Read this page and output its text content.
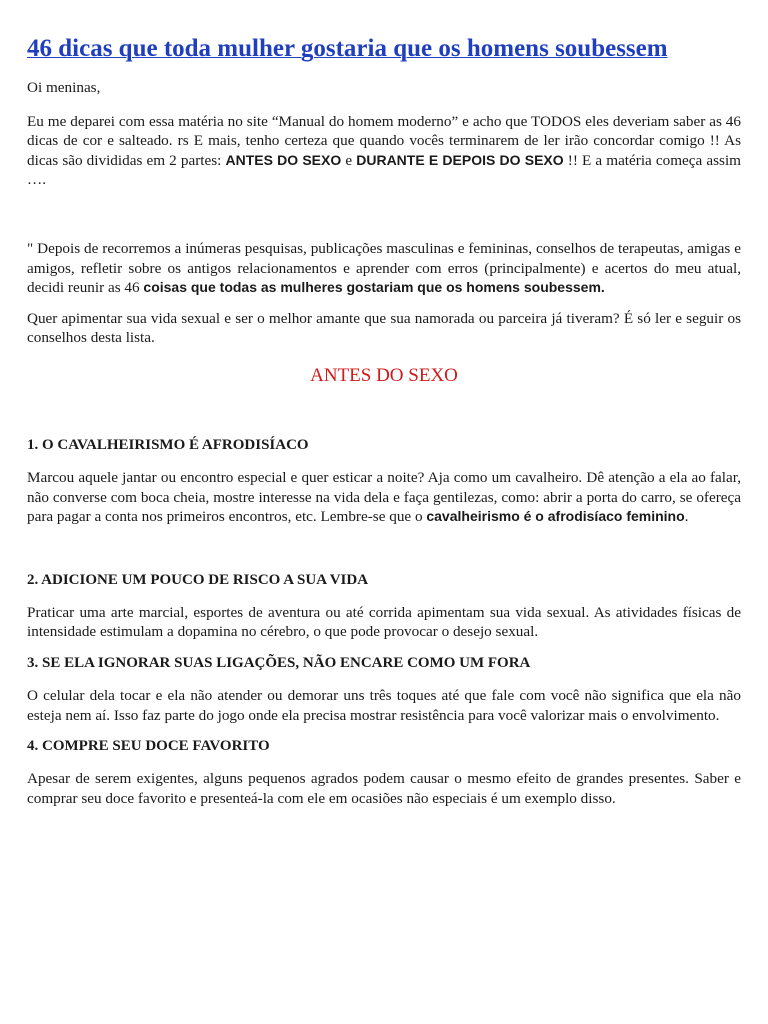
46 dicas que toda mulher gostaria que os homens soubessem

Oi meninas,

Eu me deparei com essa matéria no site “Manual do homem moderno” e acho que TODOS eles deveriam saber as 46 dicas de cor e salteado. rs E mais, tenho certeza que quando vocês terminarem de ler irão concordar comigo !! As dicas são divididas em 2 partes: ANTES DO SEXO e DURANTE E DEPOIS DO SEXO !! E a matéria começa assim ….

" Depois de recorremos a inúmeras pesquisas, publicações masculinas e femininas, conselhos de terapeutas, amigas e amigos, refletir sobre os antigos relacionamentos e aprender com erros (principalmente) e acertos do meu atual, decidi reunir as 46 coisas que todas as mulheres gostariam que os homens soubessem.

Quer apimentar sua vida sexual e ser o melhor amante que sua namorada ou parceira já tiveram? É só ler e seguir os conselhos desta lista.

ANTES DO SEXO
1. O CAVALHEIRISMO É AFRODISÍACO

Marcou aquele jantar ou encontro especial e quer esticar a noite? Aja como um cavalheiro. Dê atenção a ela ao falar, não converse com boca cheia, mostre interesse na vida dela e faça gentilezas, como: abrir a porta do carro, se ofereça para pagar a conta nos primeiros encontros, etc. Lembre-se que o cavalheirismo é o afrodisíaco feminino.

2. ADICIONE UM POUCO DE RISCO A SUA VIDA

Praticar uma arte marcial, esportes de aventura ou até corrida apimentam sua vida sexual. As atividades físicas de intensidade estimulam a dopamina no cérebro, o que pode provocar o desejo sexual.

3. SE ELA IGNORAR SUAS LIGAÇÕES, NÃO ENCARE COMO UM FORA

O celular dela tocar e ela não atender ou demorar uns três toques até que fale com você não significa que ela não esteja nem aí. Isso faz parte do jogo onde ela precisa mostrar resistência para você valorizar mais o envolvimento.

4. COMPRE SEU DOCE FAVORITO

Apesar de serem exigentes, alguns pequenos agrados podem causar o mesmo efeito de grandes presentes. Saber e comprar seu doce favorito e presenteá-la com ele em ocasiões não especiais é um exemplo disso.
